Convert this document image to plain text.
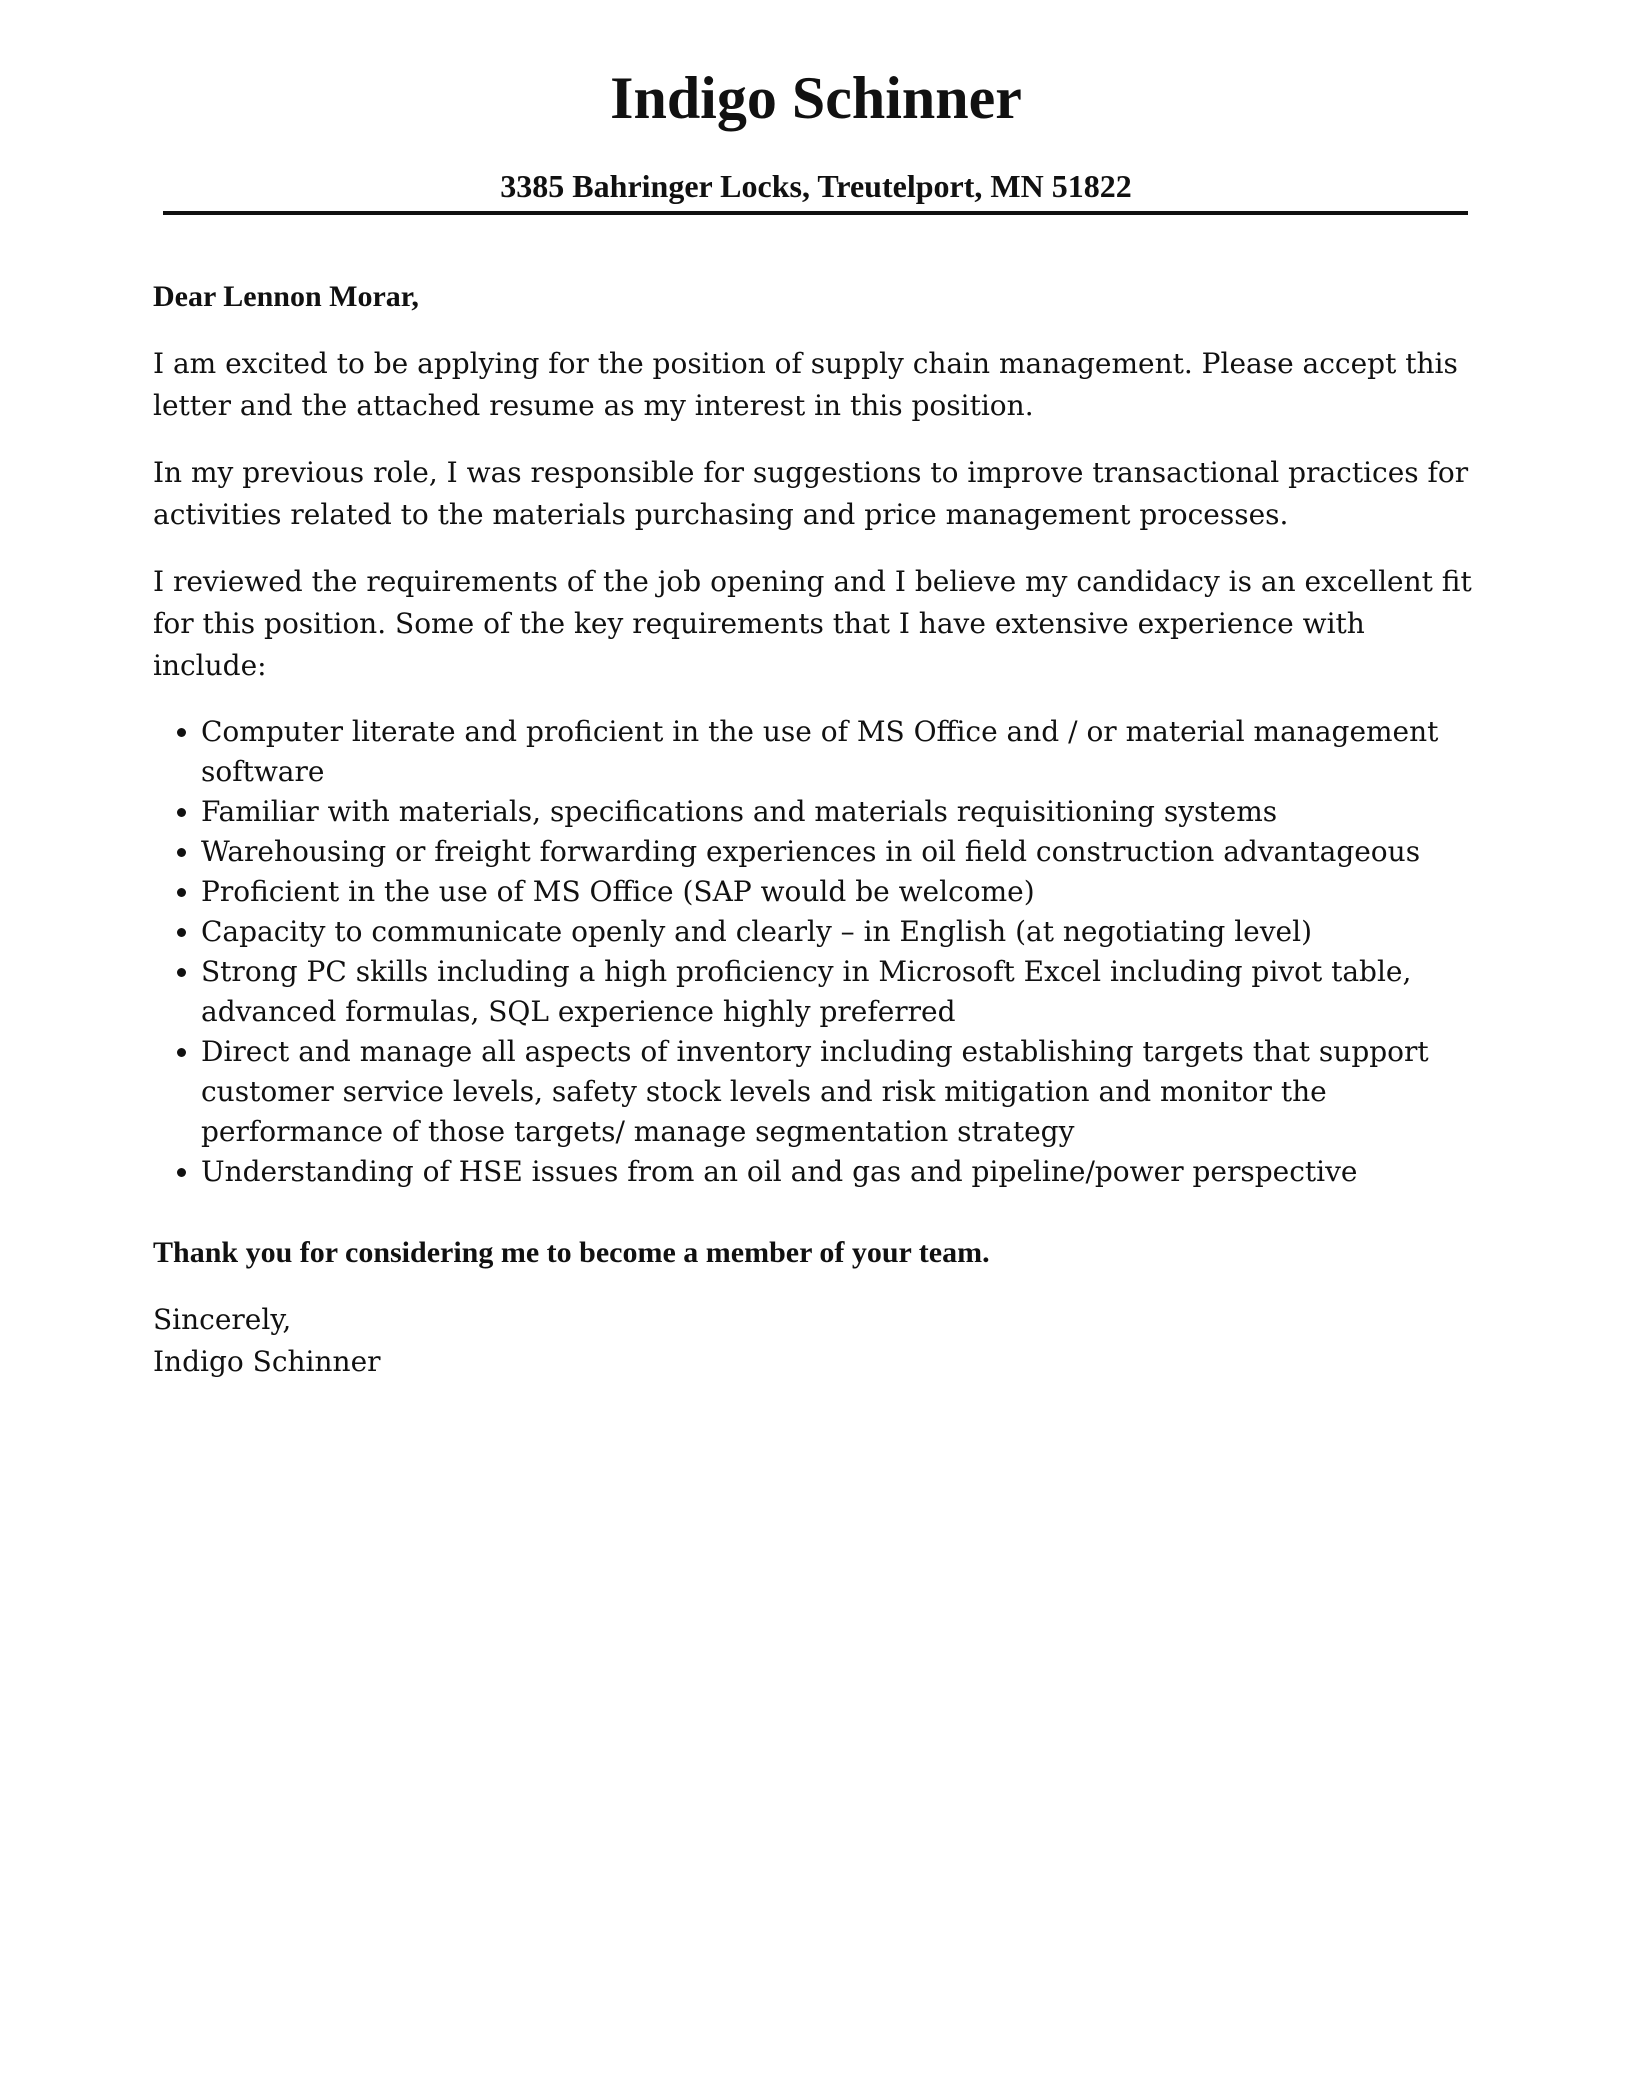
Indigo Schinner
3385 Bahringer Locks, Treutelport, MN 51822

Dear Lennon Morar,

I am excited to be applying for the position of supply chain management. Please accept this letter and the attached resume as my interest in this position.

In my previous role, I was responsible for suggestions to improve transactional practices for activities related to the materials purchasing and price management processes.

I reviewed the requirements of the job opening and I believe my candidacy is an excellent fit for this position. Some of the key requirements that I have extensive experience with include:

Computer literate and proficient in the use of MS Office and / or material management software
Familiar with materials, specifications and materials requisitioning systems
Warehousing or freight forwarding experiences in oil field construction advantageous
Proficient in the use of MS Office (SAP would be welcome)
Capacity to communicate openly and clearly – in English (at negotiating level)
Strong PC skills including a high proficiency in Microsoft Excel including pivot table, advanced formulas, SQL experience highly preferred
Direct and manage all aspects of inventory including establishing targets that support customer service levels, safety stock levels and risk mitigation and monitor the performance of those targets/ manage segmentation strategy
Understanding of HSE issues from an oil and gas and pipeline/power perspective

Thank you for considering me to become a member of your team.

Sincerely,

Indigo Schinner
